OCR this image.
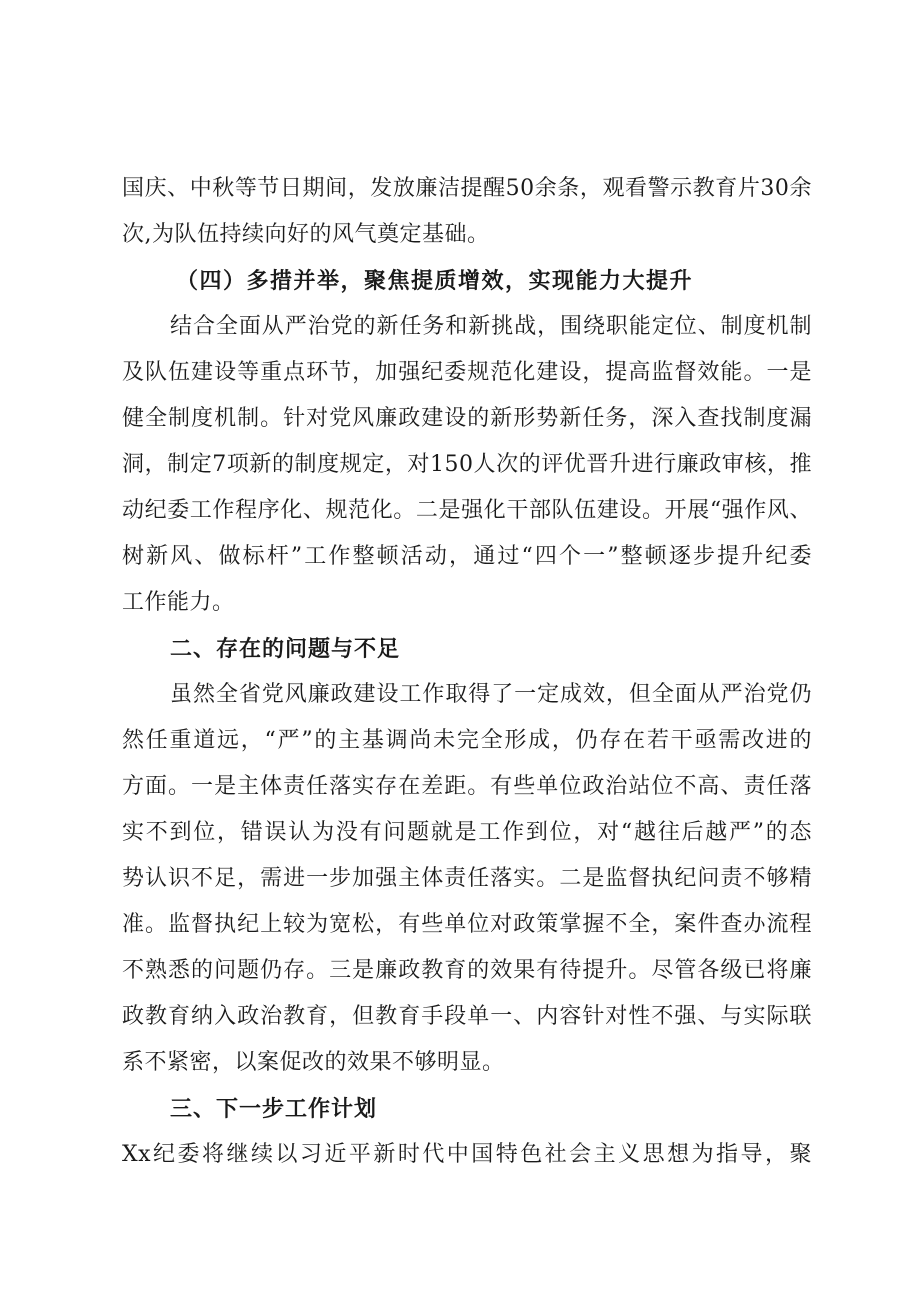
国庆、中秋等节日期间，发放廉洁提醒50余条，观看警示教育片30余
次,为队伍持续向好的风气奠定基础。
（四）多措并举，聚焦提质增效，实现能力大提升
结合全面从严治党的新任务和新挑战，围绕职能定位、制度机制
及队伍建设等重点环节，加强纪委规范化建设，提高监督效能。一是
健全制度机制。针对党风廉政建设的新形势新任务，深入查找制度漏
洞，制定7项新的制度规定，对150人次的评优晋升进行廉政审核，推
动纪委工作程序化、规范化。二是强化干部队伍建设。开展“强作风、
树新风、做标杆”工作整顿活动，通过“四个一”整顿逐步提升纪委
工作能力。
二、存在的问题与不足
虽然全省党风廉政建设工作取得了一定成效，但全面从严治党仍
然任重道远，“严”的主基调尚未完全形成，仍存在若干亟需改进的
方面。一是主体责任落实存在差距。有些单位政治站位不高、责任落
实不到位，错误认为没有问题就是工作到位，对“越往后越严”的态
势认识不足，需进一步加强主体责任落实。二是监督执纪问责不够精
准。监督执纪上较为宽松，有些单位对政策掌握不全，案件查办流程
不熟悉的问题仍存。三是廉政教育的效果有待提升。尽管各级已将廉
政教育纳入政治教育，但教育手段单一、内容针对性不强、与实际联
系不紧密，以案促改的效果不够明显。
三、下一步工作计划
Xx纪委将继续以习近平新时代中国特色社会主义思想为指导，聚
